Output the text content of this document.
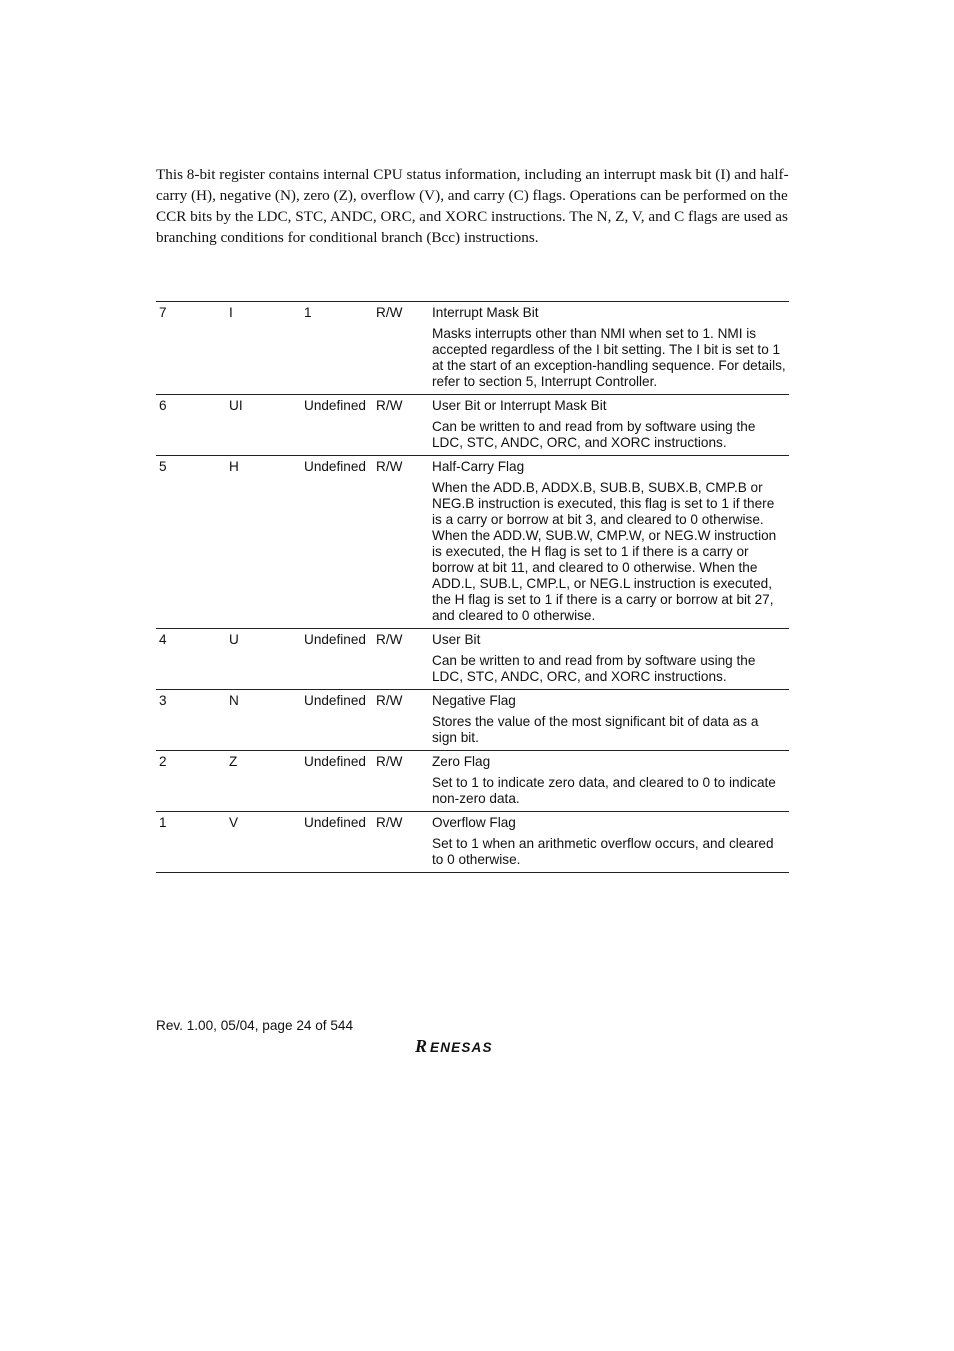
This 8-bit register contains internal CPU status information, including an interrupt mask bit (I) and half-carry (H), negative (N), zero (Z), overflow (V), and carry (C) flags. Operations can be performed on the CCR bits by the LDC, STC, ANDC, ORC, and XORC instructions. The N, Z, V, and C flags are used as branching conditions for conditional branch (Bcc) instructions.

7	I	1	R/W	Interrupt Mask Bit
Masks interrupts other than NMI when set to 1. NMI is accepted regardless of the I bit setting. The I bit is set to 1 at the start of an exception-handling sequence. For details, refer to section 5, Interrupt Controller.

6	UI	Undefined	R/W	User Bit or Interrupt Mask Bit
Can be written to and read from by software using the LDC, STC, ANDC, ORC, and XORC instructions.

5	H	Undefined	R/W	Half-Carry Flag
When the ADD.B, ADDX.B, SUB.B, SUBX.B, CMP.B or NEG.B instruction is executed, this flag is set to 1 if there is a carry or borrow at bit 3, and cleared to 0 otherwise. When the ADD.W, SUB.W, CMP.W, or NEG.W instruction is executed, the H flag is set to 1 if there is a carry or borrow at bit 11, and cleared to 0 otherwise. When the ADD.L, SUB.L, CMP.L, or NEG.L instruction is executed, the H flag is set to 1 if there is a carry or borrow at bit 27, and cleared to 0 otherwise.

4	U	Undefined	R/W	User Bit
Can be written to and read from by software using the LDC, STC, ANDC, ORC, and XORC instructions.

3	N	Undefined	R/W	Negative Flag
Stores the value of the most significant bit of data as a sign bit.

2	Z	Undefined	R/W	Zero Flag
Set to 1 to indicate zero data, and cleared to 0 to indicate non-zero data.

1	V	Undefined	R/W	Overflow Flag
Set to 1 when an arithmetic overflow occurs, and cleared to 0 otherwise.
Rev. 1.00, 05/04, page 24 of 544
R ENESAS
